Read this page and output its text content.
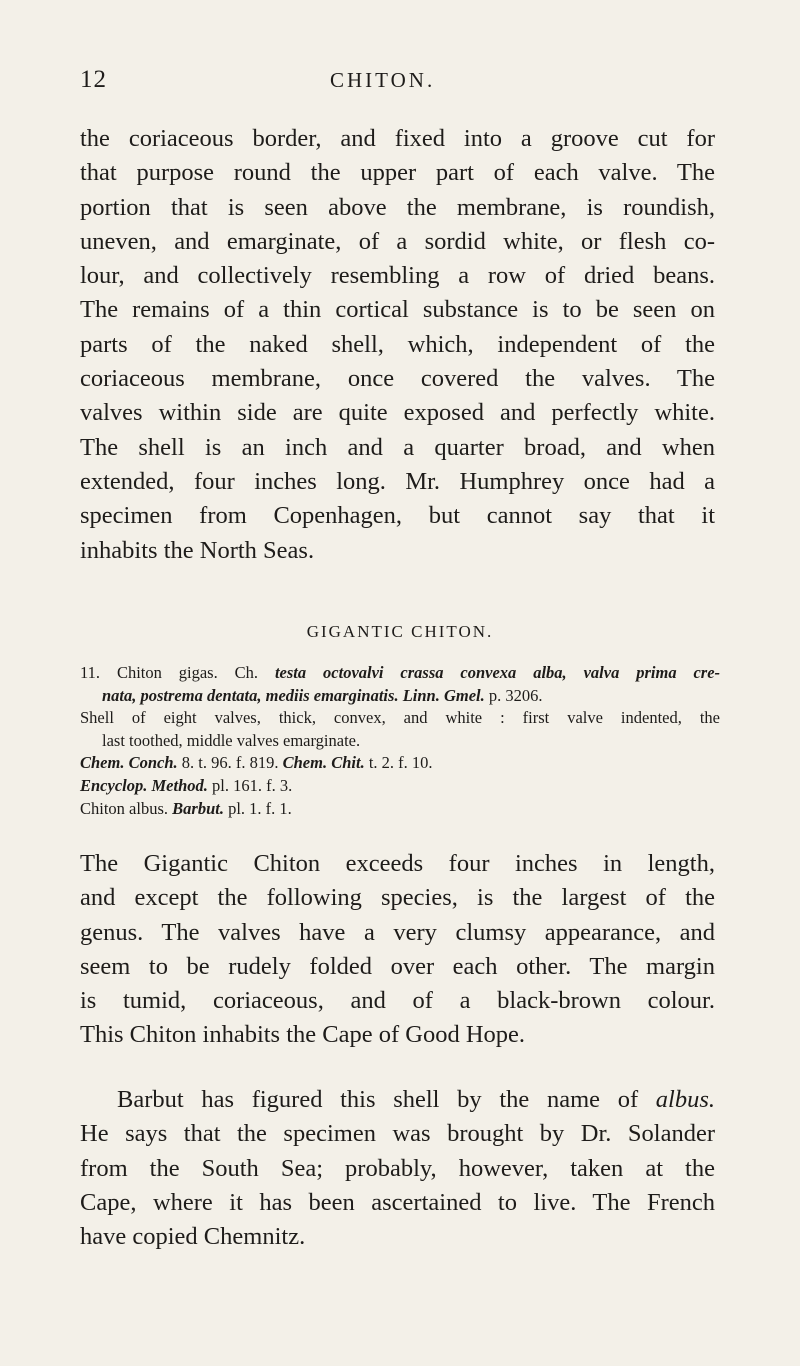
12	CHITON.

the coriaceous border, and fixed into a groove cut for
that purpose round the upper part of each valve. The
portion that is seen above the membrane, is roundish,
uneven, and emarginate, of a sordid white, or flesh co-
lour, and collectively resembling a row of dried beans.
The remains of a thin cortical substance is to be seen on
parts of the naked shell, which, independent of the
coriaceous membrane, once covered the valves. The
valves within side are quite exposed and perfectly white.
The shell is an inch and a quarter broad, and when
extended, four inches long. Mr. Humphrey once had a
specimen from Copenhagen, but cannot say that it
inhabits the North Seas.

GIGANTIC CHITON.
11. Chiton gigas. Ch. testa octovalvi crassa convexa alba, valva prima cre-
nata, postrema dentata, mediis emarginatis. Linn. Gmel. p. 3206.
Shell of eight valves, thick, convex, and white : first valve indented, the
last toothed, middle valves emarginate.
Chem. Conch. 8. t. 96. f. 819. Chem. Chit. t. 2. f. 10.
Encyclop. Method. pl. 161. f. 3.
Chiton albus. Barbut. pl. 1. f. 1.

The Gigantic Chiton exceeds four inches in length,
and except the following species, is the largest of the
genus. The valves have a very clumsy appearance, and
seem to be rudely folded over each other. The margin
is tumid, coriaceous, and of a black-brown colour.
This Chiton inhabits the Cape of Good Hope.

Barbut has figured this shell by the name of albus.
He says that the specimen was brought by Dr. Solander
from the South Sea; probably, however, taken at the
Cape, where it has been ascertained to live. The French
have copied Chemnitz.
